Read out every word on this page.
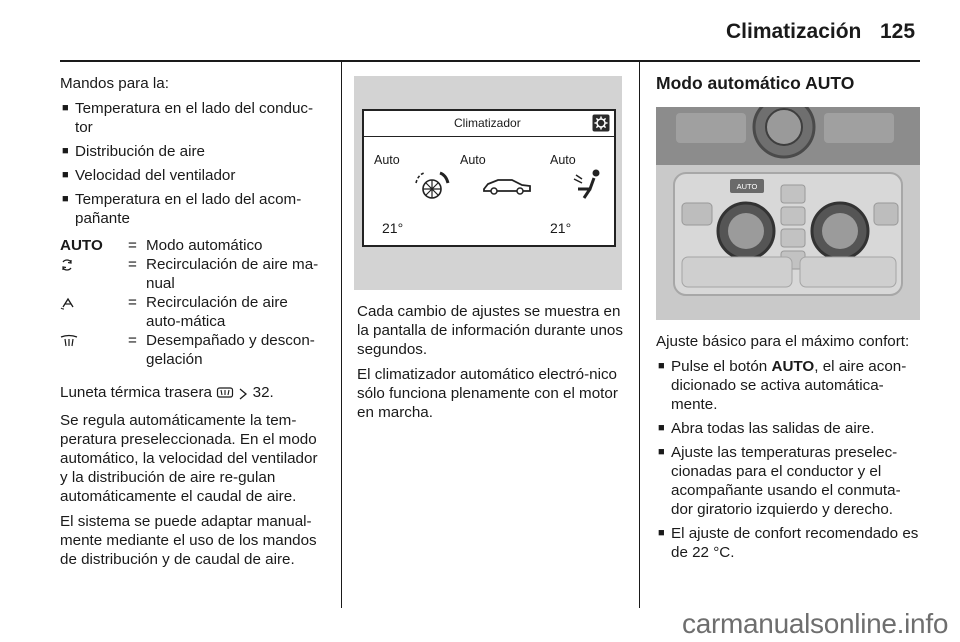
Climatización 125

Mandos para la:

■ Temperatura en el lado del conduc-tor
■ Distribución de aire
■ Velocidad del ventilador
■ Temperatura en el lado del acom-pañante
AUTO	= Modo automático
= Recirculación de aire ma-nual
= Recirculación de aire auto-mática
= Desempañado y descon-gelación

Luneta térmica trasera	32.

Se regula automáticamente la tem-peratura preseleccionada. En el modo automático, la velocidad del ventilador y la distribución de aire re-gulan automáticamente el caudal de aire.

El sistema se puede adaptar manual-mente mediante el uso de los mandos de distribución y de caudal de aire.

Climatizador
Auto	Auto	Auto
21°	21°

Cada cambio de ajustes se muestra en la pantalla de información durante unos segundos.

El climatizador automático electró-nico sólo funciona plenamente con el motor en marcha.

Modo automático AUTO
AUTO

Ajuste básico para el máximo confort:

■ Pulse el botón AUTO, el aire acon-dicionado se activa automática-mente.
■ Abra todas las salidas de aire.
■ Ajuste las temperaturas preselec-cionadas para el conductor y el acompañante usando el conmuta-dor giratorio izquierdo y derecho.
■ El ajuste de confort recomendado es de 22 °C.
carmanualsonline.info
